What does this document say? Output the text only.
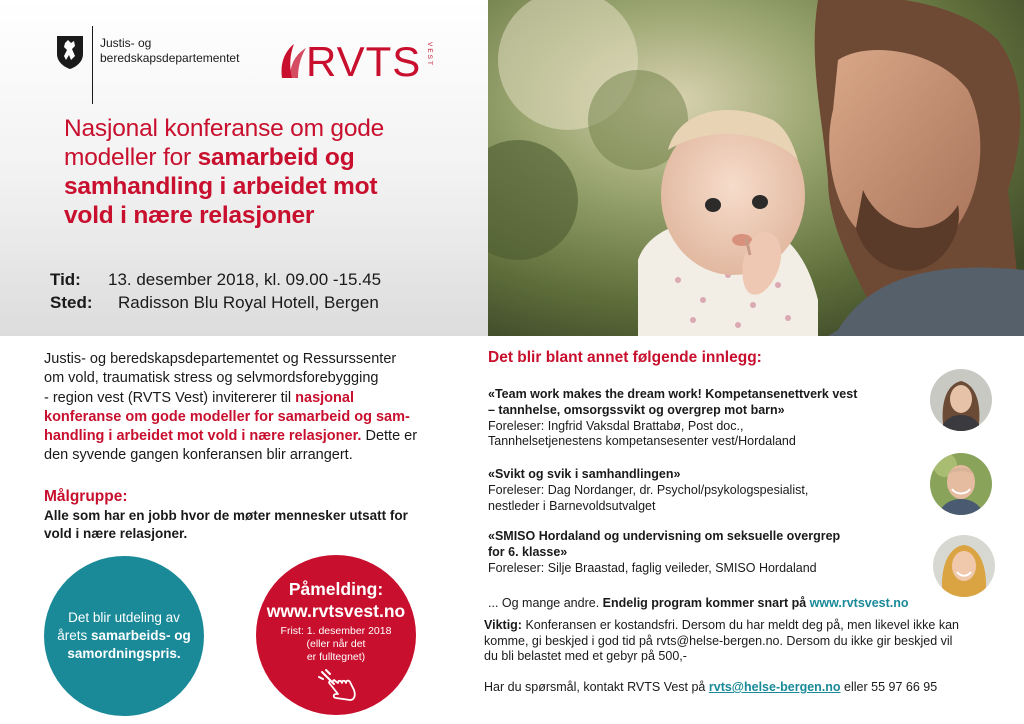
Justis- og
beredskapsdepartementet RVTS VEST
Nasjonal konferanse om gode
modeller for samarbeid og
samhandling i arbeidet mot
vold i nære relasjoner
Tid:	13. desember 2018, kl. 09.00 -15.45
Sted:	Radisson Blu Royal Hotell, Bergen
Justis- og beredskapsdepartementet og Ressurssenter
om vold, traumatisk stress og selvmordsforebygging
- region vest (RVTS Vest) invitererer til nasjonal
konferanse om gode modeller for samarbeid og sam-
handling i arbeidet mot vold i nære relasjoner. Dette er
den syvende gangen konferansen blir arrangert.
Målgruppe:
Alle som har en jobb hvor de møter mennesker utsatt for
vold i nære relasjoner.
Det blir utdeling av
årets samarbeids- og
samordningspris.
Påmelding:
www.rvtsvest.no
Frist: 1. desember 2018
(eller når det
er fulltegnet)
Det blir blant annet følgende innlegg:
«Team work makes the dream work! Kompetansenettverk vest
– tannhelse, omsorgssvikt og overgrep mot barn»
Foreleser: Ingfrid Vaksdal Brattabø, Post doc.,
Tannhelsetjenestens kompetansesenter vest/Hordaland
«Svikt og svik i samhandlingen»
Foreleser: Dag Nordanger, dr. Psychol/psykologspesialist,
nestleder i Barnevoldsutvalget
«SMISO Hordaland og undervisning om seksuelle overgrep
for 6. klasse»
Foreleser: Silje Braastad, faglig veileder, SMISO Hordaland
... Og mange andre. Endelig program kommer snart på www.rvtsvest.no
Viktig: Konferansen er kostandsfri. Dersom du har meldt deg på, men likevel ikke kan
komme, gi beskjed i god tid på rvts@helse-bergen.no. Dersom du ikke gir beskjed vil
du bli belastet med et gebyr på 500,-
Har du spørsmål, kontakt RVTS Vest på rvts@helse-bergen.no eller 55 97 66 95
